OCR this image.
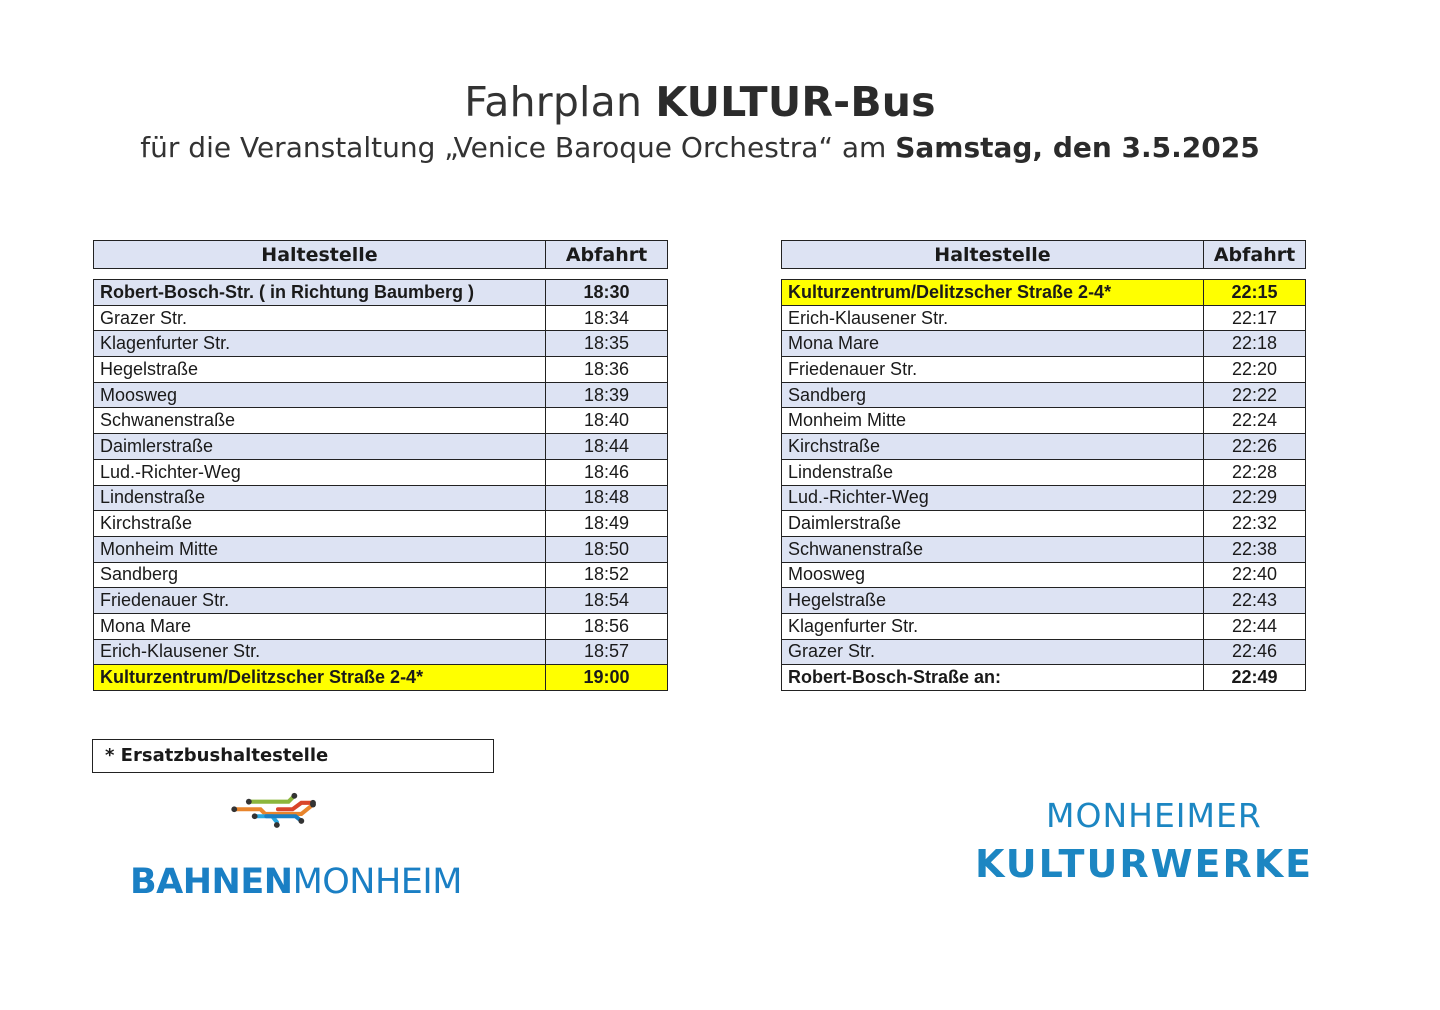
Fahrplan KULTUR-Bus
für die Veranstaltung „Venice Baroque Orchestra“ am Samstag, den 3.5.2025
Haltestelle	Abfahrt

Robert-Bosch-Str. ( in Richtung Baumberg )	18:30
Grazer Str.	18:34
Klagenfurter Str.	18:35
Hegelstraße	18:36
Moosweg	18:39
Schwanenstraße	18:40
Daimlerstraße	18:44
Lud.-Richter-Weg	18:46
Lindenstraße	18:48
Kirchstraße	18:49
Monheim Mitte	18:50
Sandberg	18:52
Friedenauer Str.	18:54
Mona Mare	18:56
Erich-Klausener Str.	18:57
Kulturzentrum/Delitzscher Straße 2-4*	19:00
Haltestelle	Abfahrt

Kulturzentrum/Delitzscher Straße 2-4*	22:15
Erich-Klausener Str.	22:17
Mona Mare	22:18
Friedenauer Str.	22:20
Sandberg	22:22
Monheim Mitte	22:24
Kirchstraße	22:26
Lindenstraße	22:28
Lud.-Richter-Weg	22:29
Daimlerstraße	22:32
Schwanenstraße	22:38
Moosweg	22:40
Hegelstraße	22:43
Klagenfurter Str.	22:44
Grazer Str.	22:46
Robert-Bosch-Straße an:	22:49
* Ersatzbushaltestelle
BAHNENMONHEIM
MONHEIMER
KULTURWERKE
